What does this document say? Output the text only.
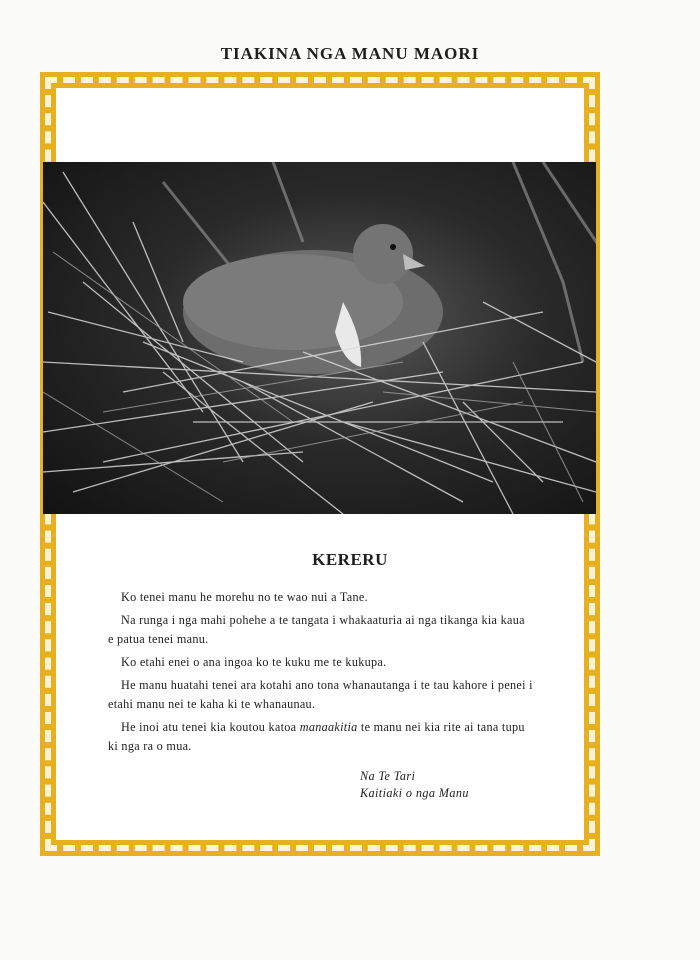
TIAKINA NGA MANU MAORI
KERERU

Ko tenei manu he morehu no te wao nui a Tane.

Na runga i nga mahi pohehe a te tangata i whakaaturia ai nga tikanga kia kaua e patua tenei manu.

Ko etahi enei o ana ingoa ko te kuku me te kukupa.

He manu huatahi tenei ara kotahi ano tona whanautanga i te tau kahore i penei i etahi manu nei te kaha ki te whanaunau.

He inoi atu tenei kia koutou katoa manaakitia te manu nei kia rite ai tana tupu ki nga ra o mua.

Na Te Tari
Kaitiaki o nga Manu
